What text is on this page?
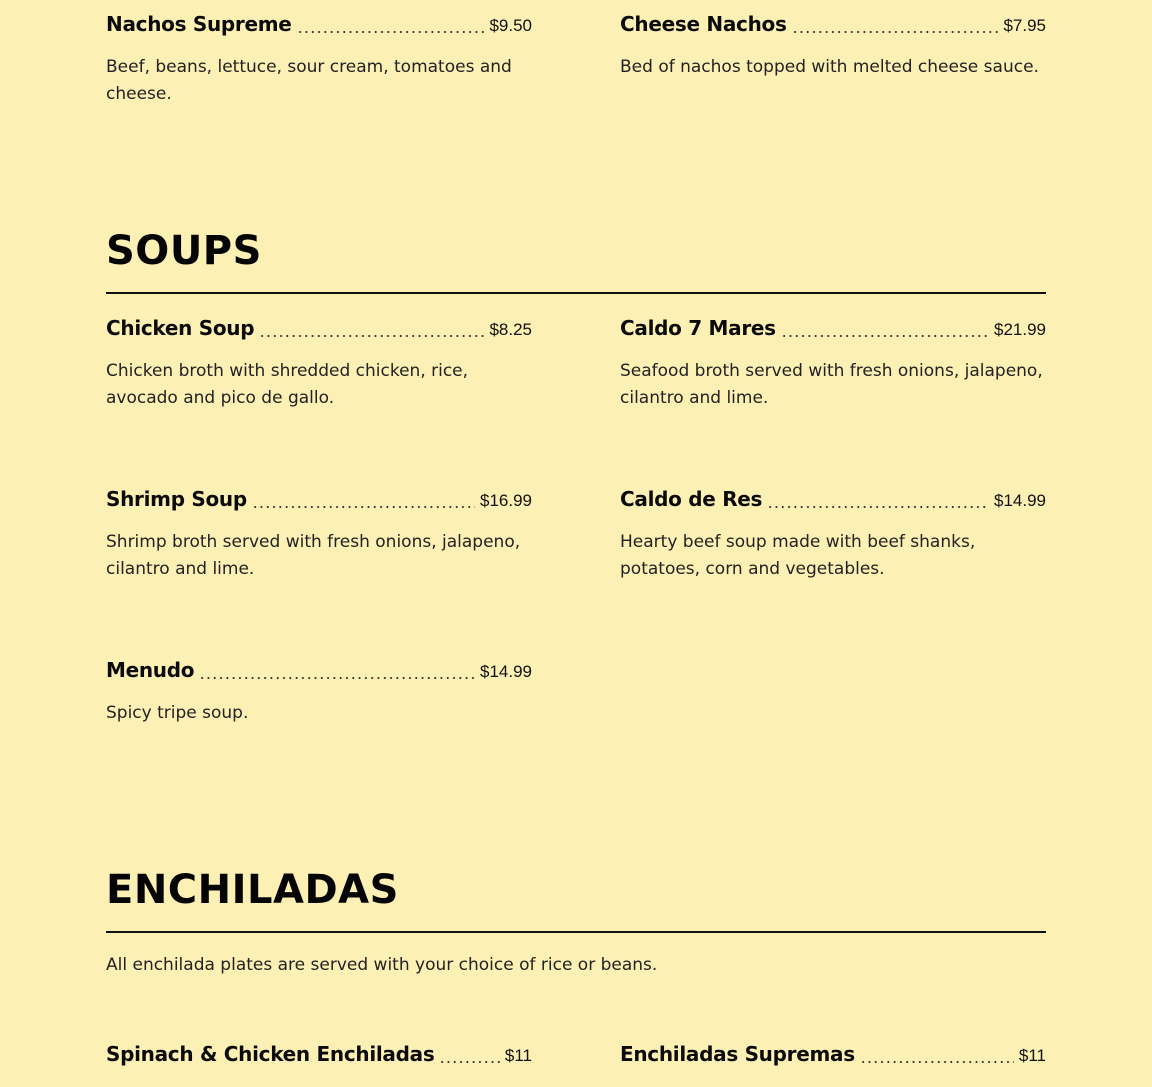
Nachos Supreme	$9.50
Beef, beans, lettuce, sour cream, tomatoes and cheese.
Cheese Nachos	$7.95
Bed of nachos topped with melted cheese sauce.
SOUPS
Chicken Soup	$8.25
Chicken broth with shredded chicken, rice, avocado and pico de gallo.
Caldo 7 Mares	$21.99
Seafood broth served with fresh onions, jalapeno, cilantro and lime.
Shrimp Soup	$16.99
Shrimp broth served with fresh onions, jalapeno, cilantro and lime.
Caldo de Res	$14.99
Hearty beef soup made with beef shanks, potatoes, corn and vegetables.
Menudo	$14.99
Spicy tripe soup.
ENCHILADAS
All enchilada plates are served with your choice of rice or beans.
Spinach & Chicken Enchiladas	$11	Enchiladas Supremas	$11
